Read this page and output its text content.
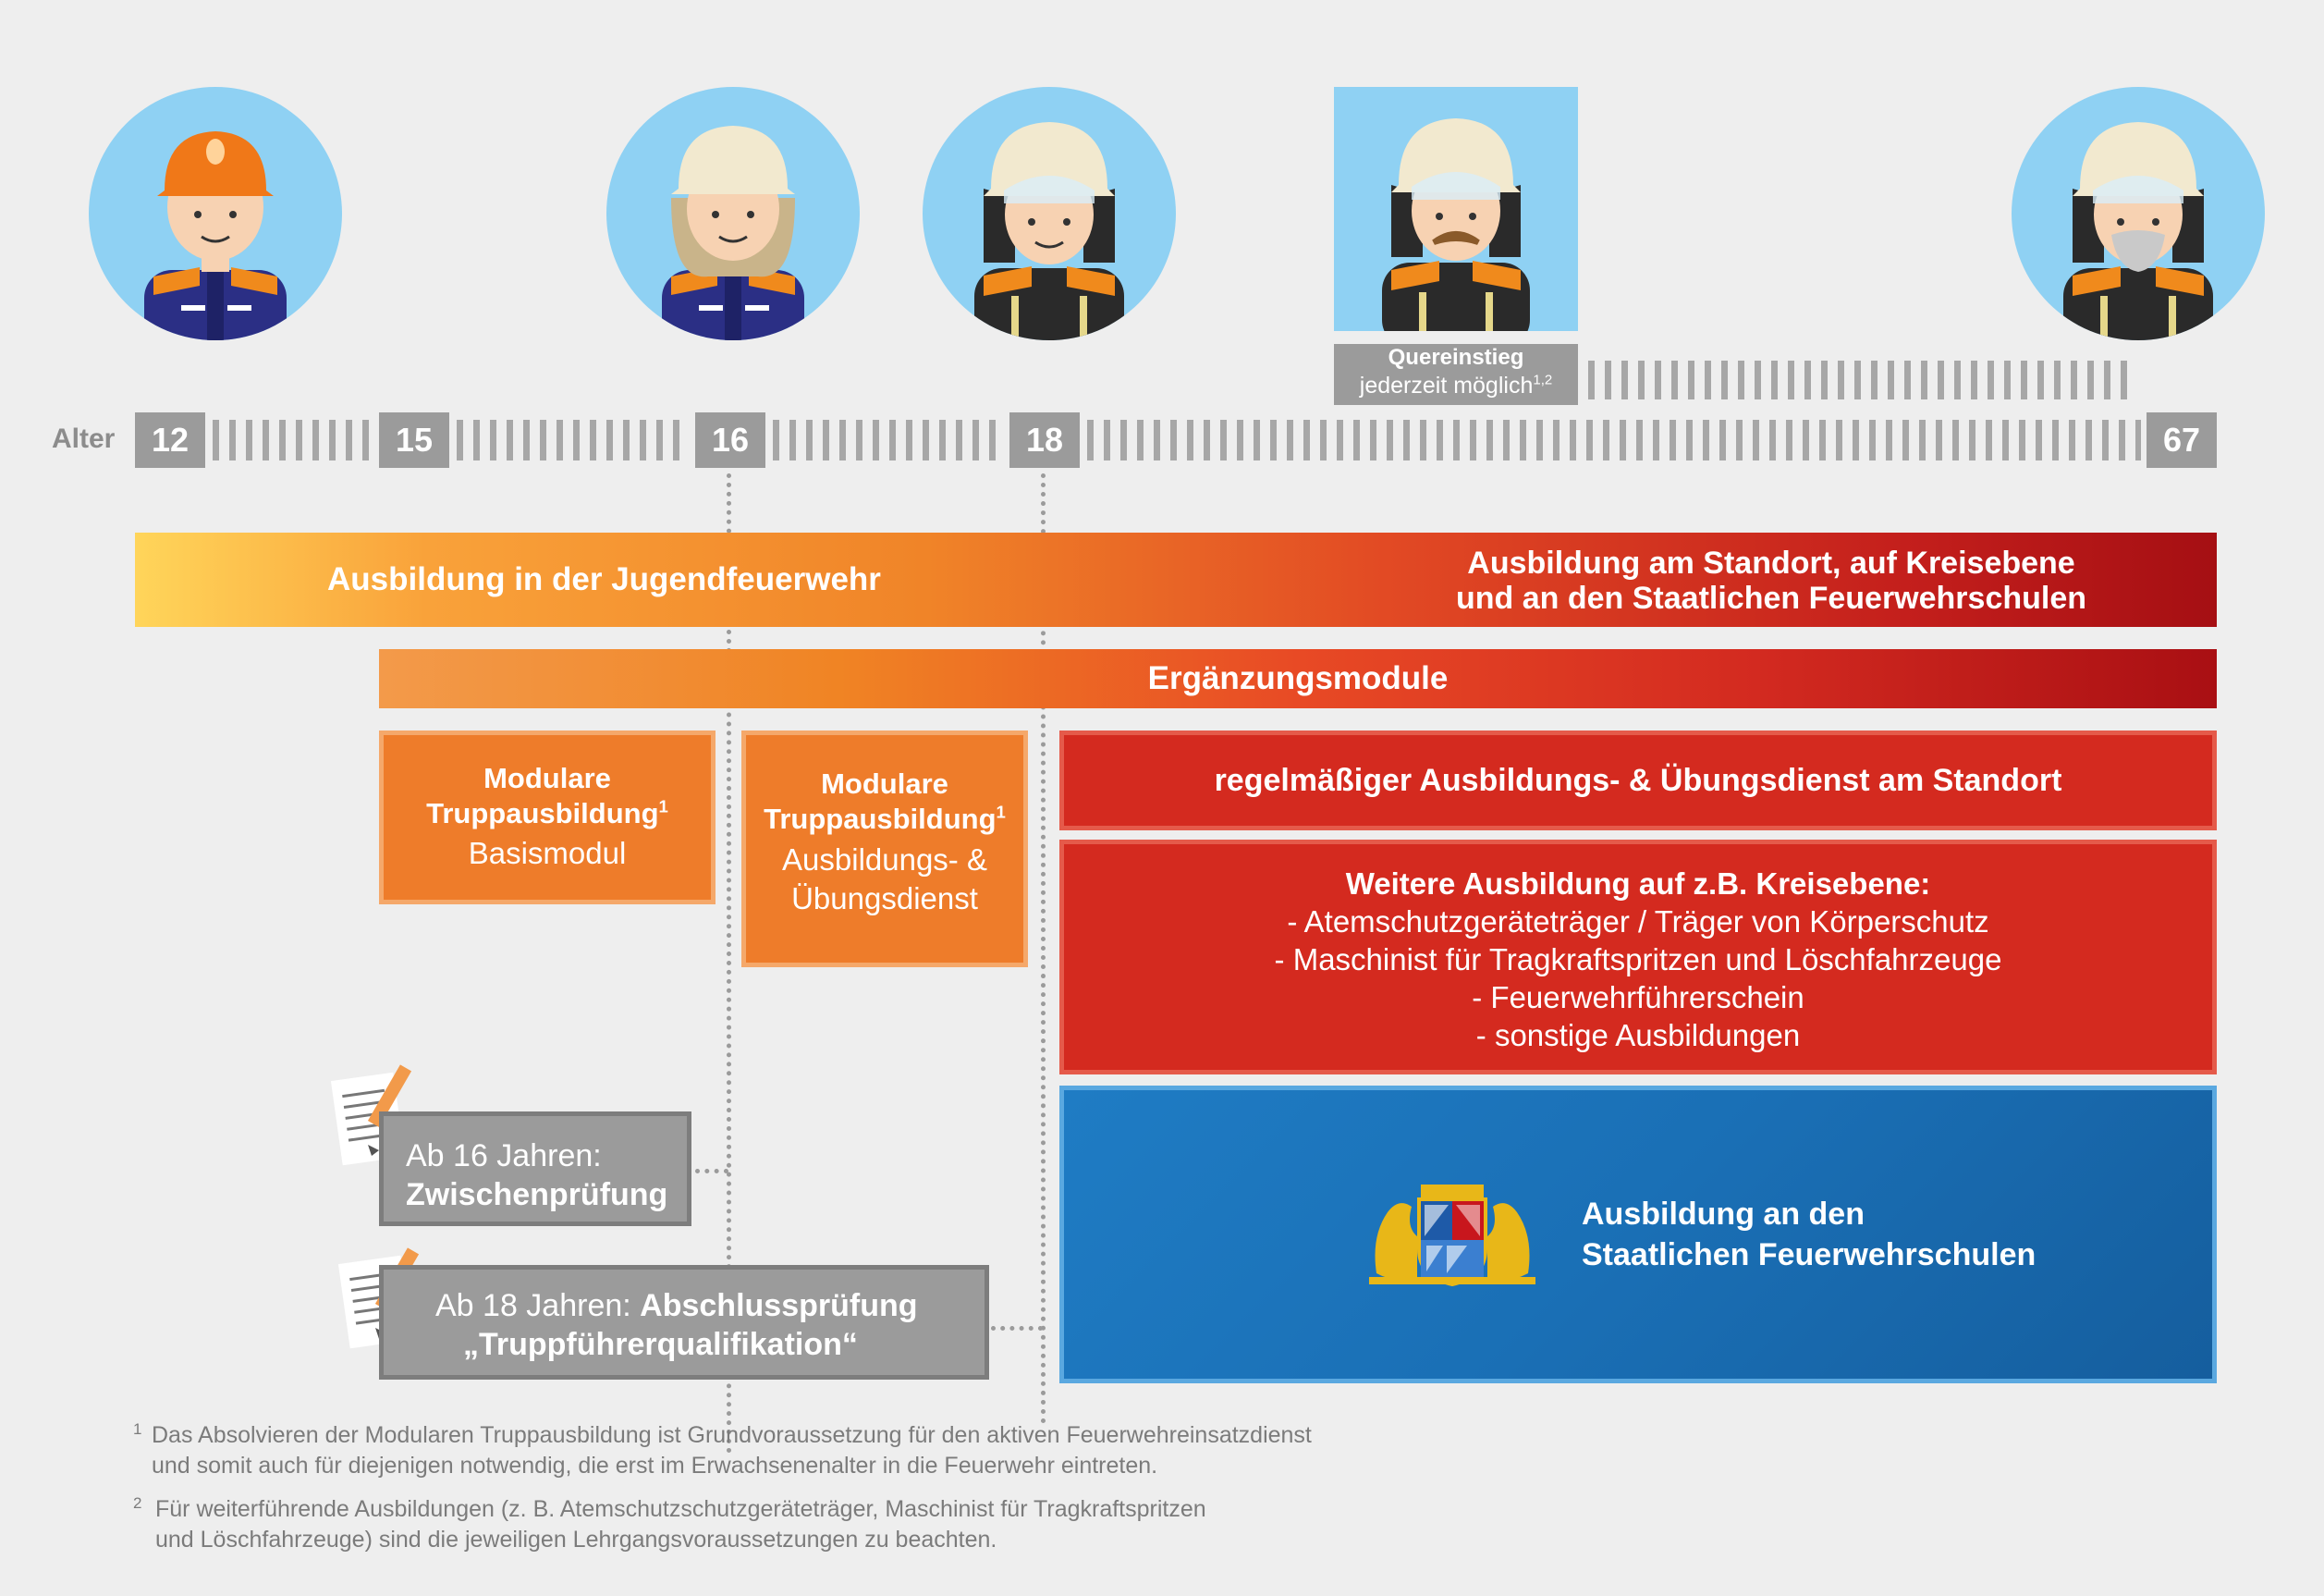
Quereinstieg
jederzeit möglich$^{1,2}$
Alter	12	15	16	18	67
Ausbildung in der Jugendfeuerwehr	Ausbildung am Standort, auf Kreisebene
und an den Staatlichen Feuerwehrschulen
Ergänzungsmodule
Modulare
Truppausbildung$^1$
Basismodul
Modulare
Truppausbildung$^1$
Ausbildungs- &
Übungsdienst
regelmäßiger Ausbildungs- & Übungsdienst am Standort
Weitere Ausbildung auf z.B. Kreisebene:
- Atemschutzgeräteträger / Träger von Körperschutz
- Maschinist für Tragkraftspritzen und Löschfahrzeuge
- Feuerwehrführerschein
- sonstige Ausbildungen
Ausbildung an den
Staatlichen Feuerwehrschulen
Ab 16 Jahren:
Zwischenprüfung
Ab 18 Jahren: Abschlussprüfung
„Truppführerqualifikation“
1 Das Absolvieren der Modularen Truppausbildung ist Grundvoraussetzung für den aktiven Feuerwehreinsatzdienst
und somit auch für diejenigen notwendig, die erst im Erwachsenenalter in die Feuerwehr eintreten.
2 Für weiterführende Ausbildungen (z. B. Atemschutzschutzgeräteträger, Maschinist für Tragkraftspritzen
und Löschfahrzeuge) sind die jeweiligen Lehrgangsvoraussetzungen zu beachten.
